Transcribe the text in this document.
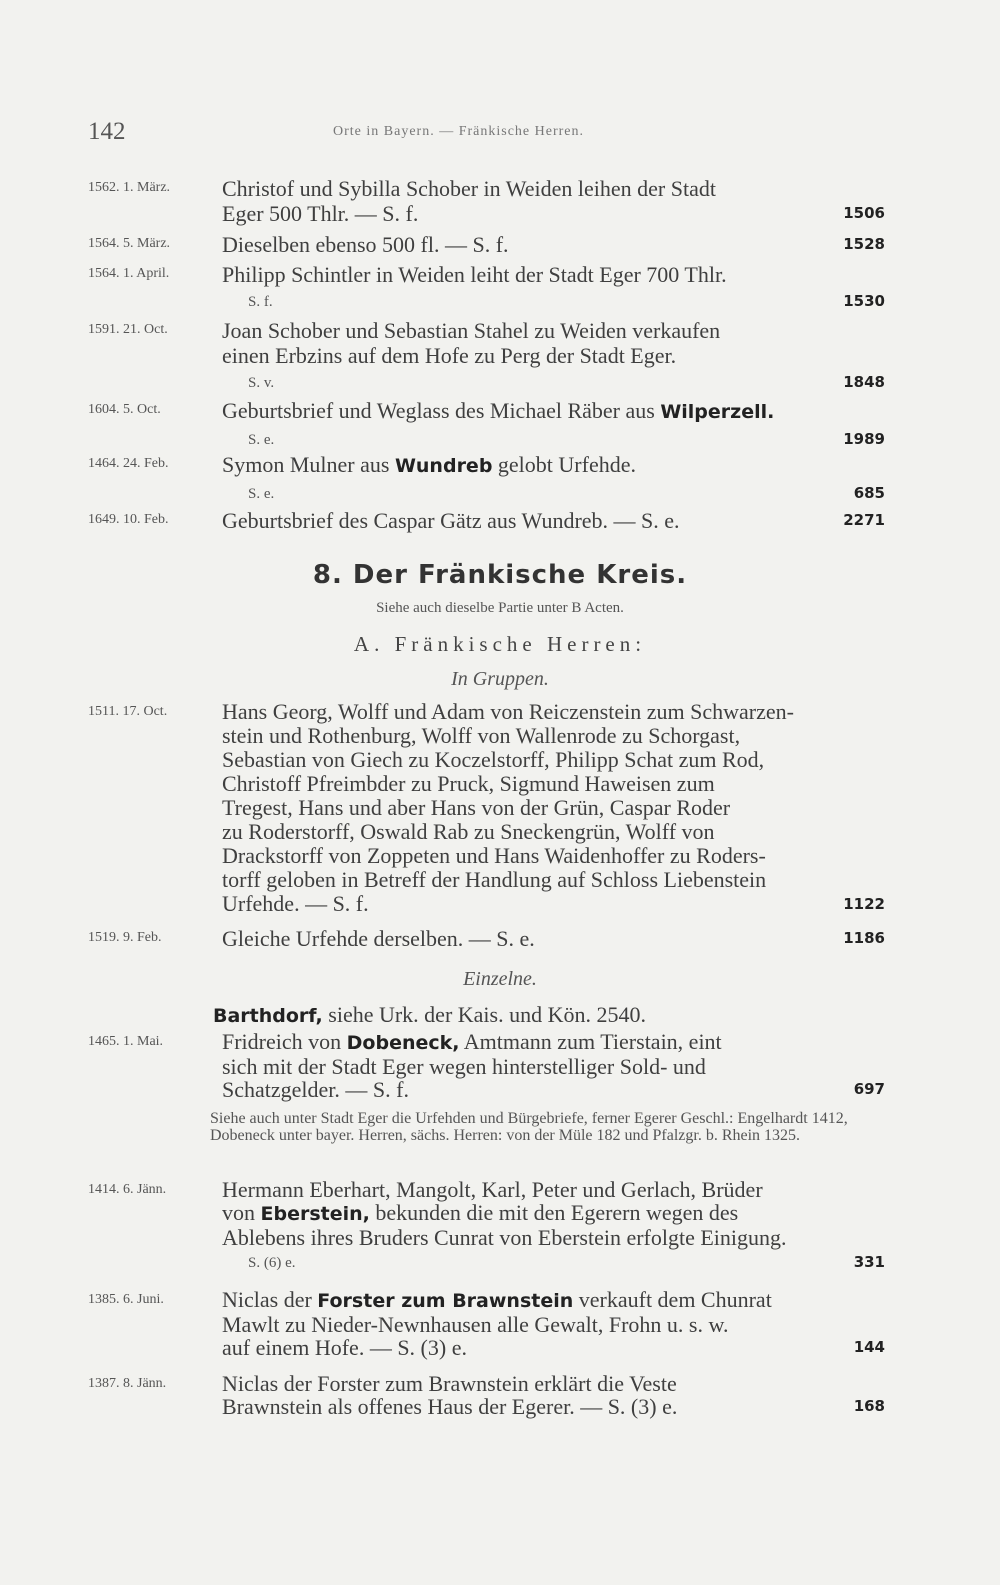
142	Orte in Bayern. — Fränkische Herren.
1562. 1. März. Christof und Sybilla Schober in Weiden leihen der Stadt
Eger 500 Thlr. — S. f.	1506
1564. 5. März. Dieselben ebenso 500 fl. — S. f.	1528
1564. 1. April. Philipp Schintler in Weiden leiht der Stadt Eger 700 Thlr.
S. f.	1530
1591. 21. Oct. Joan Schober und Sebastian Stahel zu Weiden verkaufen
einen Erbzins auf dem Hofe zu Perg der Stadt Eger.
S. v.	1848
1604. 5. Oct.	Geburtsbrief und Weglass des Michael Räber aus Wilperzell.
S. e.	1989
1464. 24. Feb. Symon Mulner aus Wundreb gelobt Urfehde.
S. e.	685
1649. 10. Feb. Geburtsbrief des Caspar Gätz aus Wundreb. — S. e.	2271
8. Der Fränkische Kreis.
Siehe auch dieselbe Partie unter B Acten.
A. Fränkische Herren:
In Gruppen.
1511. 17. Oct. Hans Georg, Wolff und Adam von Reiczenstein zum Schwarzen-
stein und Rothenburg, Wolff von Wallenrode zu Schorgast,
Sebastian von Giech zu Koczelstorff, Philipp Schat zum Rod,
Christoff Pfreimbder zu Pruck, Sigmund Haweisen zum
Tregest, Hans und aber Hans von der Grün, Caspar Roder
zu Roderstorff, Oswald Rab zu Sneckengrün, Wolff von
Drackstorff von Zoppeten und Hans Waidenhoffer zu Roders-
torff geloben in Betreff der Handlung auf Schloss Liebenstein
Urfehde. — S. f.	1122
1519. 9. Feb.	Gleiche Urfehde derselben. — S. e.	1186
Einzelne.
Barthdorf, siehe Urk. der Kais. und Kön. 2540.
1465. 1. Mai.	Fridreich von Dobeneck, Amtmann zum Tierstain, eint
sich mit der Stadt Eger wegen hinterstelliger Sold- und
Schatzgelder. — S. f.	697
Siehe auch unter Stadt Eger die Urfehden und Bürgebriefe, ferner Egerer Geschl.: Engelhardt 1412, Dobeneck unter bayer. Herren, sächs. Herren: von der Müle 182 und Pfalzgr. b. Rhein 1325.
1414. 6. Jänn.	Hermann Eberhart, Mangolt, Karl, Peter und Gerlach, Brüder
von Eberstein, bekunden die mit den Egerern wegen des
Ablebens ihres Bruders Cunrat von Eberstein erfolgte Einigung.
S. (6) e.	331
1385. 6. Juni.	Niclas der Forster zum Brawnstein verkauft dem Chunrat
Mawlt zu Nieder-Newnhausen alle Gewalt, Frohn u. s. w.
auf einem Hofe. — S. (3) e.	144
1387. 8. Jänn.	Niclas der Forster zum Brawnstein erklärt die Veste
Brawnstein als offenes Haus der Egerer. — S. (3) e.	168
